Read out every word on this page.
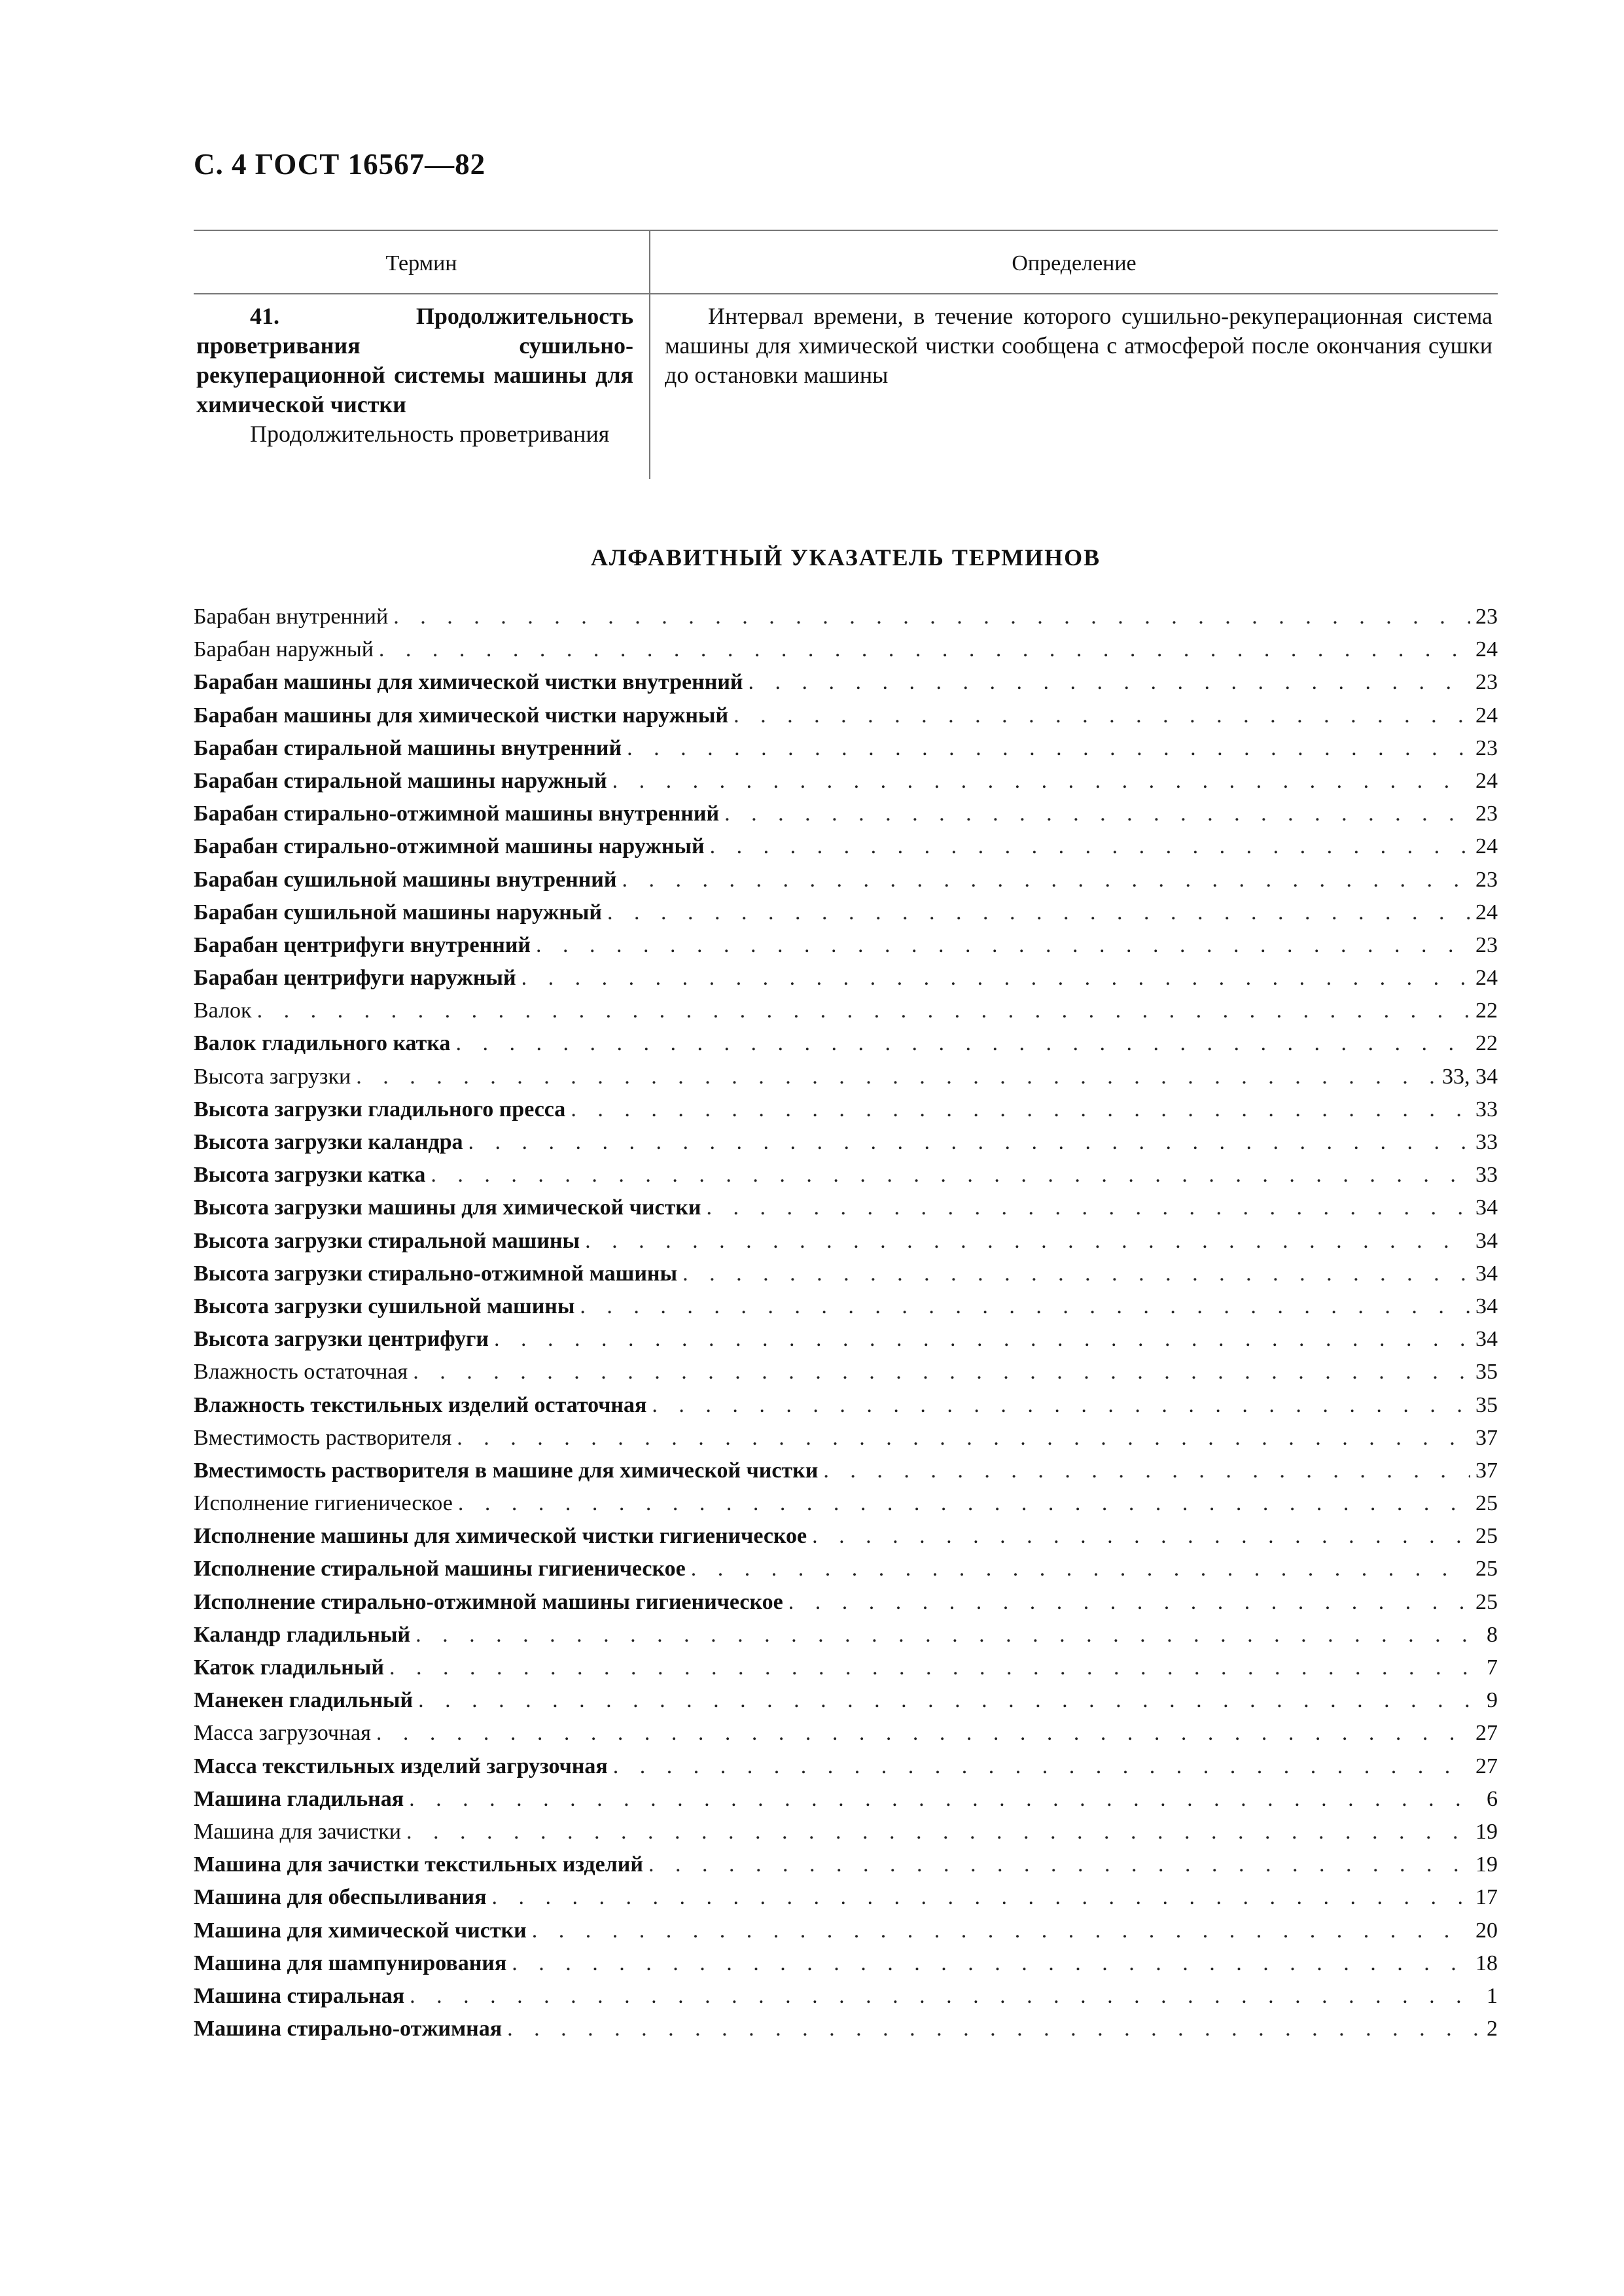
С. 4 ГОСТ 16567—82
Термин	Определение

41. Продолжительность проветривания сушильно-рекуперационной системы машины для химической чистки

Продолжительность проветривания

Интервал времени, в течение которого сушильно-рекуперационная система машины для химической чистки сообщена с атмосферой после окончания сушки до остановки машины

АЛФАВИТНЫЙ УКАЗАТЕЛЬ ТЕРМИНОВ
Барабан внутренний . . .	23
Барабан наружный . . .	24
Барабан машины для химической чистки внутренний . . .	23
Барабан машины для химической чистки наружный . . .	24
Барабан стиральной машины внутренний . . .	23
Барабан стиральной машины наружный . . .	24
Барабан стирально-отжимной машины внутренний . . .	23
Барабан стирально-отжимной машины наружный . . .	24
Барабан сушильной машины внутренний . . .	23
Барабан сушильной машины наружный . . .	24
Барабан центрифуги внутренний . . .	23
Барабан центрифуги наружный . . .	24
Валок . . .	22
Валок гладильного катка . . .	22
Высота загрузки . . .	33, 34
Высота загрузки гладильного пресса . . .	33
Высота загрузки каландра . . .	33
Высота загрузки катка . . .	33
Высота загрузки машины для химической чистки . . .	34
Высота загрузки стиральной машины . . .	34
Высота загрузки стирально-отжимной машины . . .	34
Высота загрузки сушильной машины . . .	34
Высота загрузки центрифуги . . .	34
Влажность остаточная . . .	35
Влажность текстильных изделий остаточная . . .	35
Вместимость растворителя . . .	37
Вместимость растворителя в машине для химической чистки . . .	37
Исполнение гигиеническое . . .	25
Исполнение машины для химической чистки гигиеническое . . .	25
Исполнение стиральной машины гигиеническое . . .	25
Исполнение стирально-отжимной машины гигиеническое . . .	25
Каландр гладильный . . .	8
Каток гладильный . . .	7
Манекен гладильный . . .	9
Масса загрузочная . . .	27
Масса текстильных изделий загрузочная . . .	27
Машина гладильная . . .	6
Машина для зачистки . . .	19
Машина для зачистки текстильных изделий . . .	19
Машина для обеспыливания . . .	17
Машина для химической чистки . . .	20
Машина для шампунирования . . .	18
Машина стиральная . . .	1
Машина стирально-отжимная . . .	2
